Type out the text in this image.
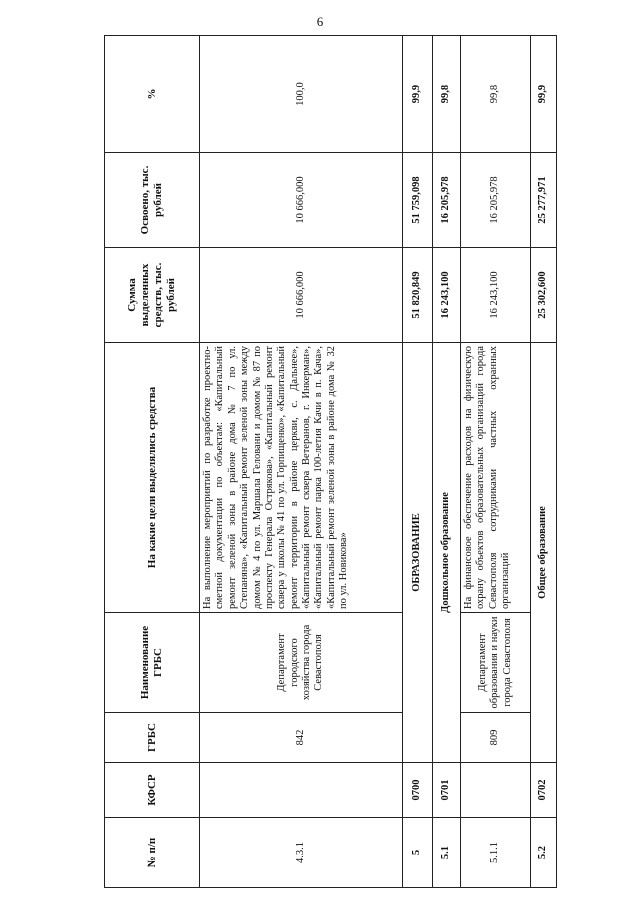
6
№ п/п	КФСР	ГРБС	Наименование ГРБС	На какие цели выделялись средства	Сумма выделенных средств, тыс. рублей	Освоено, тыс. рублей	%
4.3.1		842	Департамент городского хозяйства города Севастополя	На выполнение мероприятий по разработке проектно-сметной документации по объектам: «Капитальный ремонт зеленой зоны в районе дома № 7 по ул. Степаняна», «Капитальный ремонт зеленой зоны между домом № 4 по ул. Маршала Геловани и домом № 87 по проспекту Генерала Острякова», «Капитальный ремонт сквера у школы № 41 по ул. Горпищенко», «Капитальный ремонт территории в районе церкви, с. Дальнее», «Капитальный ремонт сквера Ветеранов, г. Инкерман», «Капитальный ремонт парка 100-летия Качи в п. Кача», «Капитальный ремонт зеленой зоны в районе дома № 32 по ул. Новикова»	10 666,000	10 666,000	100,0
5	0700	ОБРАЗОВАНИЕ			51 820,849	51 759,098	99,9
5.1	0701	Дошкольное образование			16 243,100	16 205,978	99,8
5.1.1		809	Департамент образования и науки города Севастополя	На финансовое обеспечение расходов на физическую охрану объектов образовательных организаций города Севастополя сотрудниками частных охранных организаций	16 243,100	16 205,978	99,8
5.2	0702	Общее образование			25 302,600	25 277,971	99,9
